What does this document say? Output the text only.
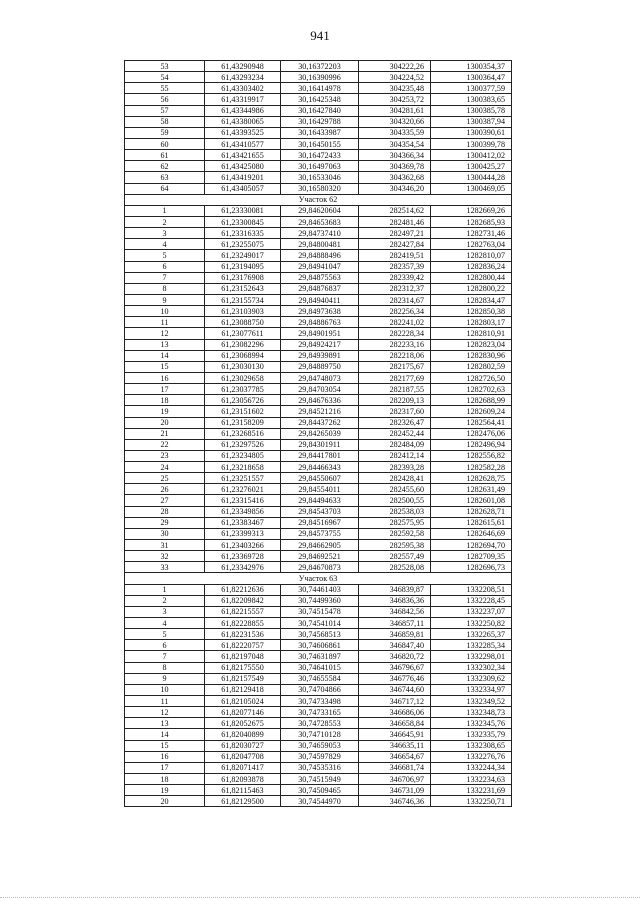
941
53	61,43290948	30,16372203	304222,26	1300354,37
54	61,43293234	30,16390996	304224,52	1300364,47
55	61,43303402	30,16414978	304235,48	1300377,59
56	61,43319917	30,16425348	304253,72	1300383,65
57	61,43344986	30,16427840	304281,61	1300385,78
58	61,43380065	30,16429788	304320,66	1300387,94
59	61,43393525	30,16433987	304335,59	1300390,61
60	61,43410577	30,16450155	304354,54	1300399,78
61	61,43421655	30,16472433	304366,34	1300412,02
62	61,43425080	30,16497063	304369,78	1300425,27
63	61,43419201	30,16533046	304362,68	1300444,28
64	61,43405057	30,16580320	304346,20	1300469,05
Участок 62				
1	61,23330081	29,84620604	282514,62	1282669,26
2	61,23300845	29,84653683	282481,46	1282685,93
3	61,23316335	29,84737410	282497,21	1282731,46
4	61,23255075	29,84800481	282427,84	1282763,04
5	61,23249017	29,84888496	282419,51	1282810,07
6	61,23194095	29,84941047	282357,39	1282836,24
7	61,23176908	29,84875563	282339,42	1282800,44
8	61,23152643	29,84876837	282312,37	1282800,22
9	61,23155734	29,84940411	282314,67	1282834,47
10	61,23103903	29,84973638	282256,34	1282850,38
11	61,23088750	29,84886763	282241,02	1282803,17
12	61,23077611	29,84901951	282228,34	1282810,91
13	61,23082296	29,84924217	282233,16	1282823,04
14	61,23068994	29,84939891	282218,06	1282830,96
15	61,23030130	29,84889750	282175,67	1282802,59
16	61,23029658	29,84748073	282177,69	1282726,50
17	61,23037785	29,84703054	282187,55	1282702,63
18	61,23056726	29,84676336	282209,13	1282688,99
19	61,23151602	29,84521216	282317,60	1282609,24
20	61,23158209	29,84437262	282326,47	1282564,41
21	61,23268516	29,84265039	282452,44	1282476,06
22	61,23297526	29,84301911	282484,09	1282496,94
23	61,23234805	29,84417801	282412,14	1282556,82
24	61,23218658	29,84466343	282393,28	1282582,28
25	61,23251557	29,84550607	282428,41	1282628,75
26	61,23276021	29,84554011	282455,60	1282631,49
27	61,23315416	29,84494633	282500,55	1282601,08
28	61,23349856	29,84543703	282538,03	1282628,71
29	61,23383467	29,84516967	282575,95	1282615,61
30	61,23399313	29,84573755	282592,58	1282646,69
31	61,23403266	29,84662905	282595,38	1282694,70
32	61,23369728	29,84692521	282557,49	1282709,35
33	61,23342976	29,84670873	282528,08	1282696,73
Участок 63				
1	61,82212636	30,74461403	346839,87	1332208,51
2	61,82209842	30,74499360	346836,36	1332228,45
3	61,82215557	30,74515478	346842,56	1332237,07
4	61,82228855	30,74541014	346857,11	1332250,82
5	61,82231536	30,74568513	346859,81	1332265,37
6	61,82220757	30,74606861	346847,40	1332285,34
7	61,82197048	30,74631897	346820,72	1332298,01
8	61,82175550	30,74641015	346796,67	1332302,34
9	61,82157549	30,74655584	346776,46	1332309,62
10	61,82129418	30,74704866	346744,60	1332334,97
11	61,82105024	30,74733498	346717,12	1332349,52
12	61,82077146	30,74733165	346686,06	1332348,73
13	61,82052675	30,74728553	346658,84	1332345,76
14	61,82040899	30,74710128	346645,91	1332335,79
15	61,82030727	30,74659053	346635,11	1332308,65
16	61,82047708	30,74597829	346654,67	1332276,76
17	61,82071417	30,74535316	346681,74	1332244,34
18	61,82093878	30,74515949	346706,97	1332234,63
19	61,82115463	30,74509465	346731,09	1332231,69
20	61,82129500	30,74544970	346746,36	1332250,71
